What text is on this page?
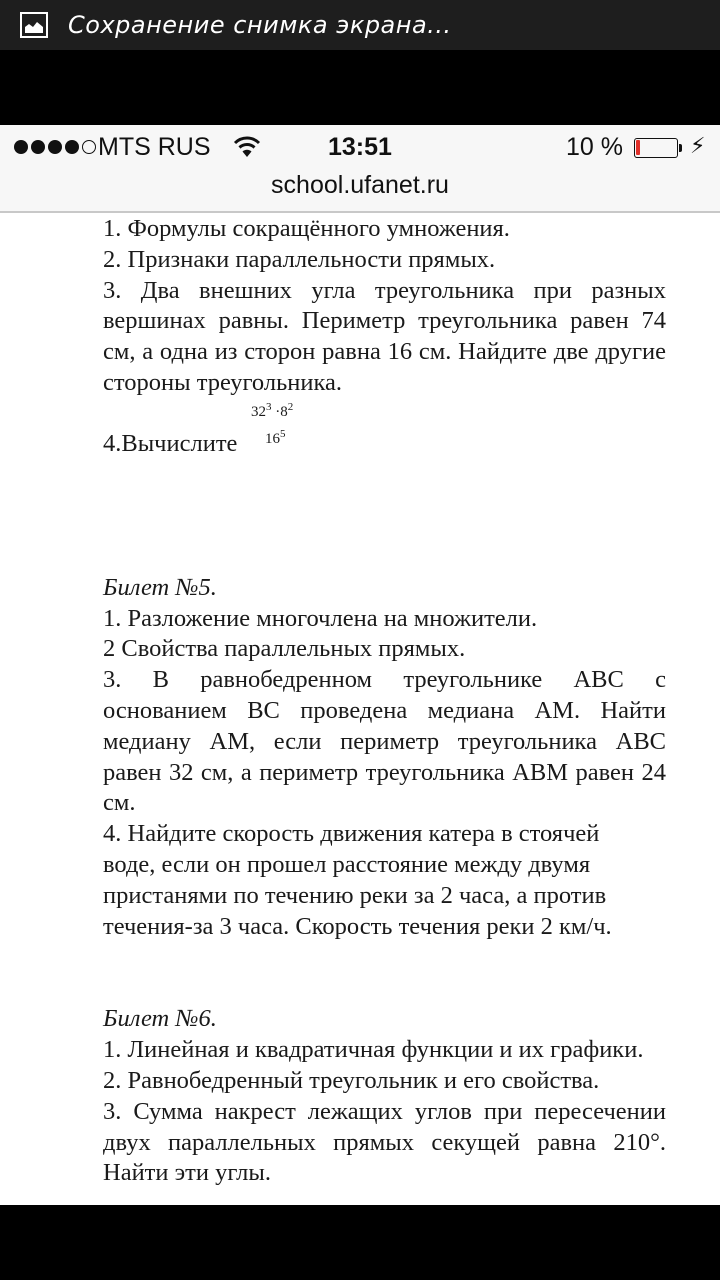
Сохранение снимка экрана...
MTS RUS	13:51	10 %	⚡︎
school.ufanet.ru

1. Формулы сокращённого умножения.

2. Признаки параллельности прямых.

3. Два внешних угла треугольника при разных вершинах равны. Периметр треугольника равен 74 см, а одна из сторон равна 16 см. Найдите две другие стороны треугольника.

4.Вычислите
$32^3 \cdot 8^2$
$16^5$

Билет №5.

1. Разложение многочлена на множители.

2 Свойства параллельных прямых.

3. В равнобедренном треугольнике АВС с основанием ВС проведена медиана АМ. Найти медиану АМ, если периметр треугольника АВС равен 32 см, а периметр треугольника АВМ равен 24 см.

4. Найдите скорость движения катера в стоячей воде, если он прошел расстояние между двумя пристанями по течению реки за 2 часа, а против течения-за 3 часа. Скорость течения реки 2 км/ч.

Билет №6.

1. Линейная и квадратичная функции и их графики.

2. Равнобедренный треугольник и его свойства.

3. Сумма накрест лежащих углов при пересечении двух параллельных прямых секущей равна 210°. Найти эти углы.
